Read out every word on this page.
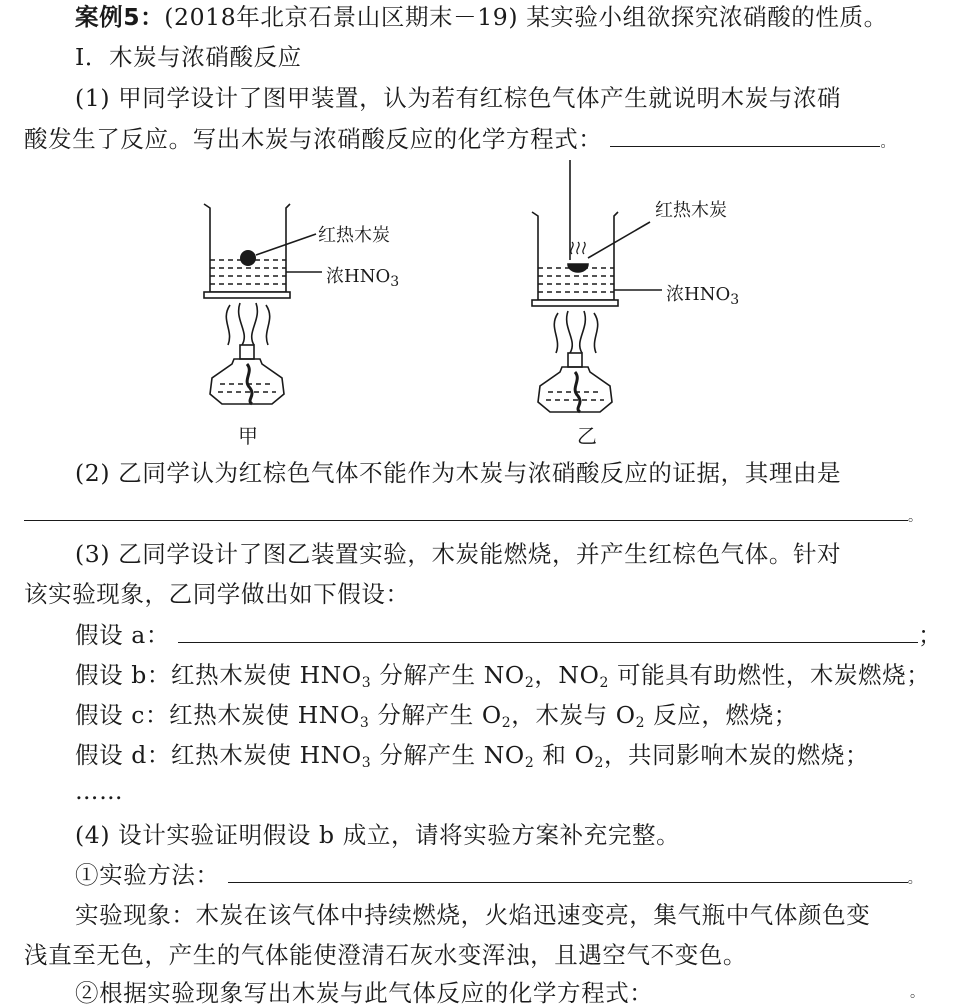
案例5：(2018年北京石景山区期末－19) 某实验小组欲探究浓硝酸的性质。
Ⅰ．木炭与浓硝酸反应
(1) 甲同学设计了图甲装置，认为若有红棕色气体产生就说明木炭与浓硝
酸发生了反应。写出木炭与浓硝酸反应的化学方程式：	。
红热木炭
浓$HNO_3$
红热木炭
浓$HNO_3$
甲	乙
(2) 乙同学认为红棕色气体不能作为木炭与浓硝酸反应的证据，其理由是
。
(3) 乙同学设计了图乙装置实验，木炭能燃烧，并产生红棕色气体。针对
该实验现象，乙同学做出如下假设：
假设 a：	；
假设 b：红热木炭使 $HNO_3$ 分解产生 $NO_2$，$NO_2$ 可能具有助燃性，木炭燃烧；
假设 c：红热木炭使 $HNO_3$ 分解产生 $O_2$，木炭与 $O_2$ 反应，燃烧；
假设 d：红热木炭使 $HNO_3$ 分解产生 $NO_2$ 和 $O_2$，共同影响木炭的燃烧；
……
(4) 设计实验证明假设 b 成立，请将实验方案补充完整。
①实验方法：	。
实验现象：木炭在该气体中持续燃烧，火焰迅速变亮，集气瓶中气体颜色变
浅直至无色，产生的气体能使澄清石灰水变浑浊，且遇空气不变色。
②根据实验现象写出木炭与此气体反应的化学方程式：	。
